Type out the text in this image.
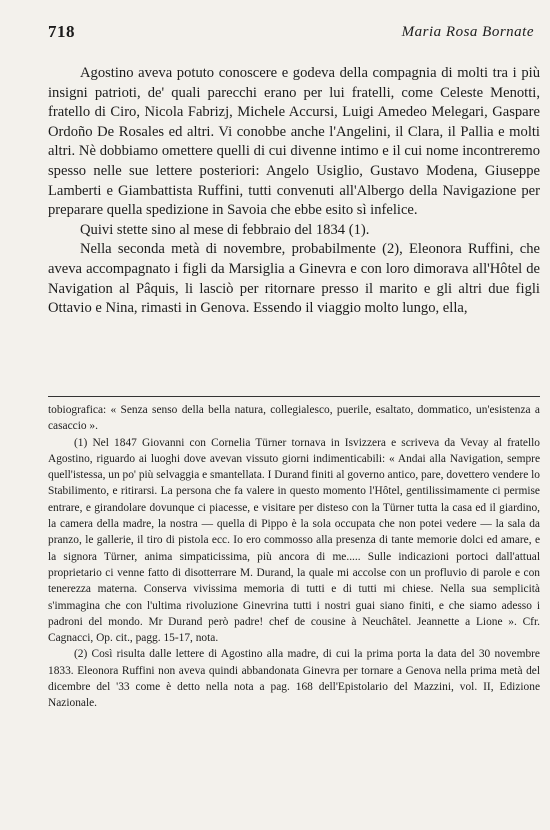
718	Maria Rosa Bornate

Agostino aveva potuto conoscere e godeva della compagnia di molti tra i più insigni patrioti, de' quali parecchi erano per lui fratelli, come Celeste Menotti, fratello di Ciro, Nicola Fabrizj, Michele Accursi, Luigi Amedeo Melegari, Gaspare Ordoño De Rosales ed altri. Vi conobbe anche l'Angelini, il Clara, il Pallia e molti altri. Nè dobbiamo omettere quelli di cui divenne intimo e il cui nome incontreremo spesso nelle sue lettere posteriori: Angelo Usiglio, Gustavo Modena, Giuseppe Lamberti e Giambattista Ruffini, tutti convenuti all'Albergo della Navigazione per preparare quella spedizione in Savoia che ebbe esito sì infelice.

Quivi stette sino al mese di febbraio del 1834 (1).

Nella seconda metà di novembre, probabilmente (2), Eleonora Ruffini, che aveva accompagnato i figli da Marsiglia a Ginevra e con loro dimorava all'Hôtel de Navigation al Pâquis, li lasciò per ritornare presso il marito e gli altri due figli Ottavio e Nina, rimasti in Genova. Essendo il viaggio molto lungo, ella,

tobiografica: « Senza senso della bella natura, collegialesco, puerile, esaltato, dommatico, un'esistenza a casaccio ».

(1) Nel 1847 Giovanni con Cornelia Türner tornava in Isvizzera e scriveva da Vevay al fratello Agostino, riguardo ai luoghi dove avevan vissuto giorni indimenticabili: « Andai alla Navigation, sempre quell'istessa, un po' più selvaggia e smantellata. I Durand finiti al governo antico, pare, dovettero vendere lo Stabilimento, e ritirarsi. La persona che fa valere in questo momento l'Hôtel, gentilissimamente ci permise entrare, e girandolare dovunque ci piacesse, e visitare per disteso con la Türner tutta la casa ed il giardino, la camera della madre, la nostra — quella di Pippo è la sola occupata che non potei vedere — la sala da pranzo, le gallerie, il tiro di pistola ecc. Io ero commosso alla presenza di tante memorie dolci ed amare, e la signora Türner, anima simpaticissima, più ancora di me..... Sulle indicazioni portoci dall'attual proprietario ci venne fatto di disotterrare M. Durand, la quale mi accolse con un profluvio di parole e con tenerezza materna. Conserva vivissima memoria di tutti e di tutti mi chiese. Nella sua semplicità s'immagina che con l'ultima rivoluzione Ginevrina tutti i nostri guai siano finiti, e che siamo adesso i padroni del mondo. Mr Durand però padre! chef de cousine à Neuchâtel. Jeannette a Lione ». Cfr. Cagnacci, Op. cit., pagg. 15-17, nota.

(2) Così risulta dalle lettere di Agostino alla madre, di cui la prima porta la data del 30 novembre 1833. Eleonora Ruffini non aveva quindi abbandonata Ginevra per tornare a Genova nella prima metà del dicembre del '33 come è detto nella nota a pag. 168 dell'Epistolario del Mazzini, vol. II, Edizione Nazionale.
